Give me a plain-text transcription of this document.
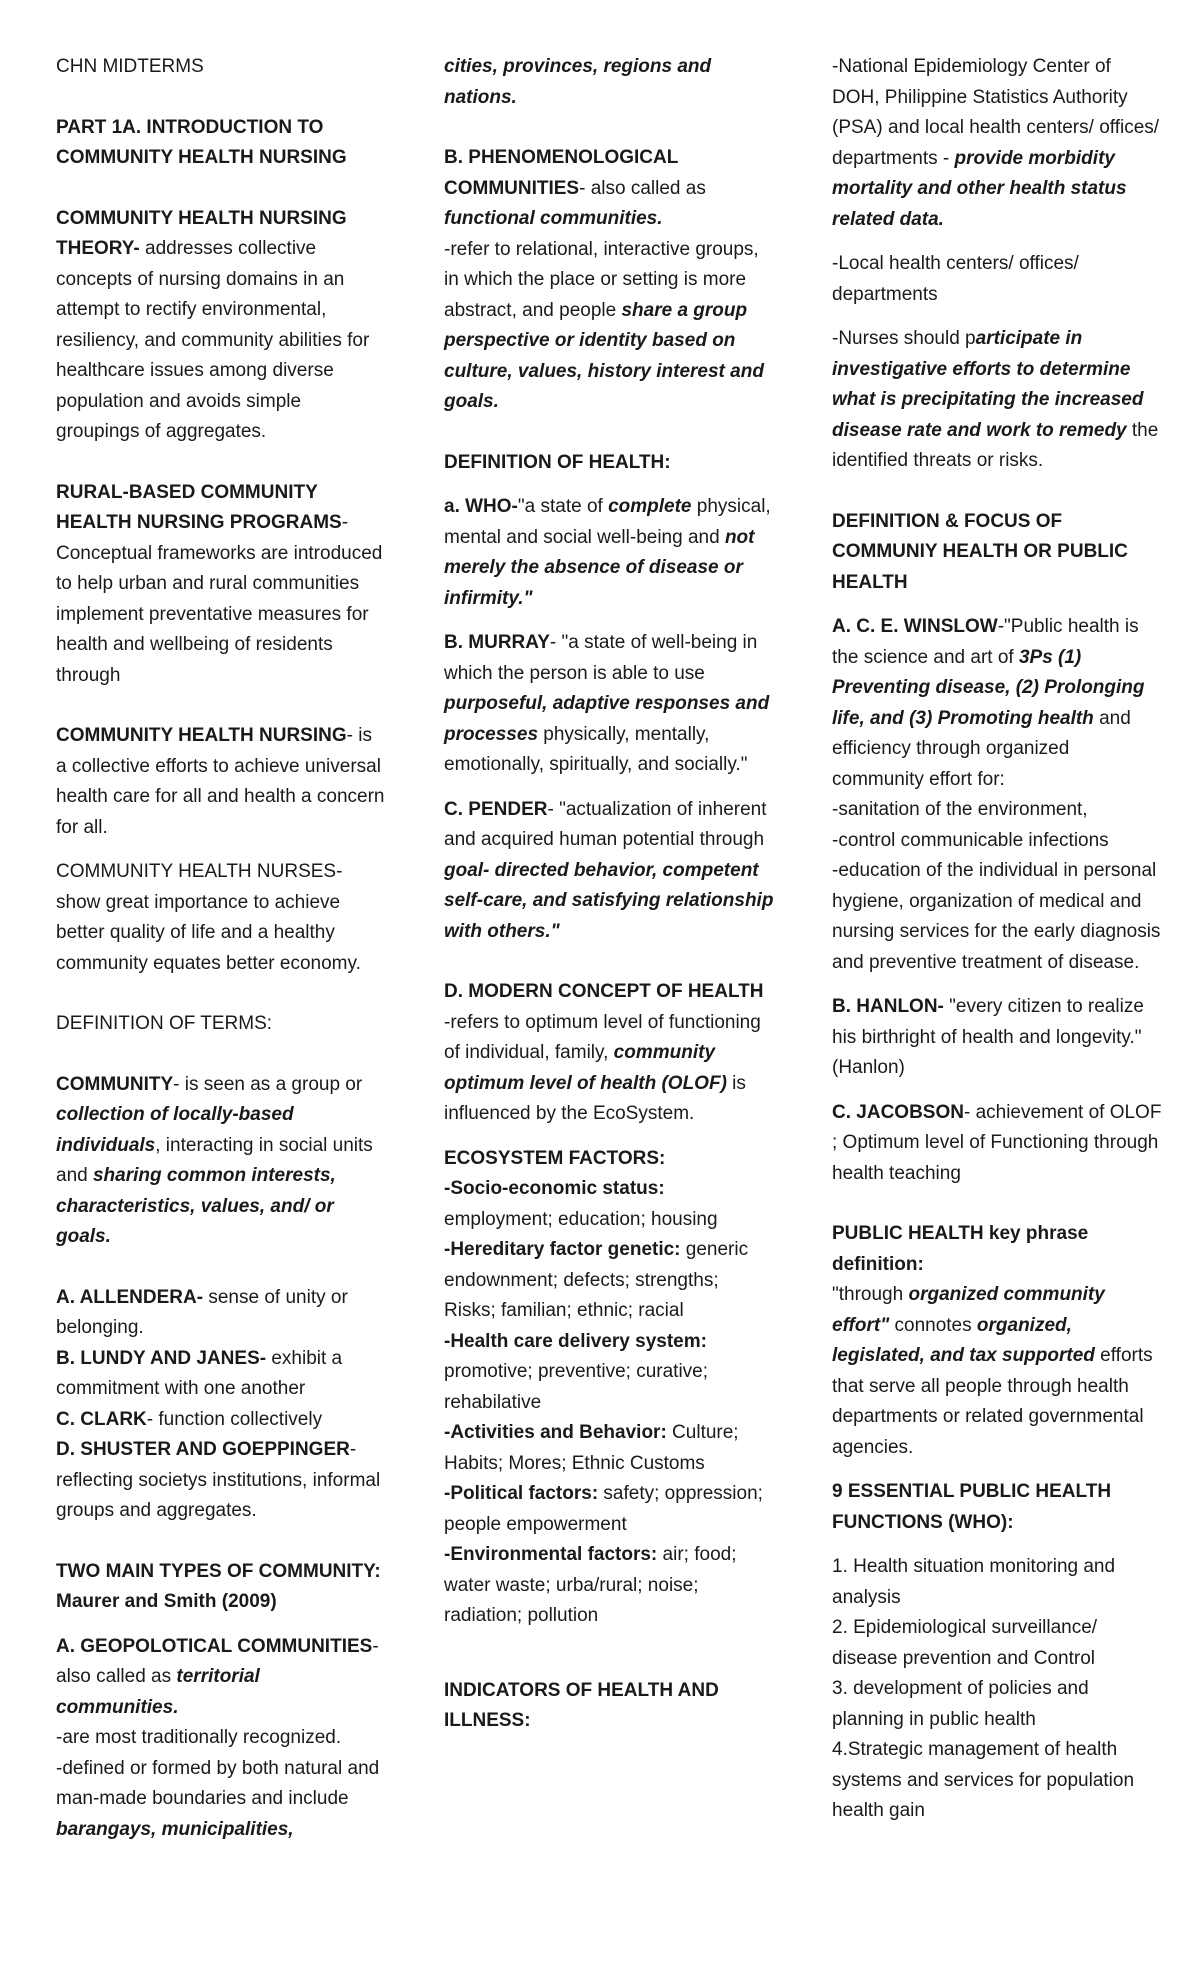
CHN MIDTERMS

PART 1A. INTRODUCTION TO
COMMUNITY HEALTH NURSING

COMMUNITY HEALTH NURSING THEORY- addresses collective concepts of nursing domains in an attempt to rectify environmental, resiliency, and community abilities for healthcare issues among diverse population and avoids simple groupings of aggregates.

RURAL-BASED COMMUNITY HEALTH NURSING PROGRAMS- Conceptual frameworks are introduced to help urban and rural communities implement preventative measures for health and wellbeing of residents through

COMMUNITY HEALTH NURSING- is a collective efforts to achieve universal health care for all and health a concern for all.

COMMUNITY HEALTH NURSES- show great importance to achieve better quality of life and a healthy community equates better economy.

DEFINITION OF TERMS:

COMMUNITY- is seen as a group or collection of locally-based individuals, interacting in social units and sharing common interests, characteristics, values, and/ or goals.

A. ALLENDERA- sense of unity or belonging.

B. LUNDY AND JANES- exhibit a commitment with one another

C. CLARK- function collectively

D. SHUSTER AND GOEPPINGER- reflecting societys institutions, informal groups and aggregates.

TWO MAIN TYPES OF COMMUNITY: Maurer and Smith (2009)

A. GEOPOLOTICAL COMMUNITIES- also called as territorial communities.
-are most traditionally recognized.
-defined or formed by both natural and man-made boundaries and include barangays, municipalities,

cities, provinces, regions and nations.

B. PHENOMENOLOGICAL COMMUNITIES- also called as functional communities.
-refer to relational, interactive groups, in which the place or setting is more abstract, and people share a group perspective or identity based on culture, values, history interest and goals.

DEFINITION OF HEALTH:

a. WHO-"a state of complete physical, mental and social well-being and not merely the absence of disease or infirmity."

B. MURRAY- "a state of well-being in which the person is able to use purposeful, adaptive responses and processes physically, mentally, emotionally, spiritually, and socially."

C. PENDER- "actualization of inherent and acquired human potential through goal- directed behavior, competent self-care, and satisfying relationship with others."

D. MODERN CONCEPT OF HEALTH
-refers to optimum level of functioning of individual, family, community optimum level of health (OLOF) is influenced by the EcoSystem.

ECOSYSTEM FACTORS:

-Socio-economic status: employment; education; housing

-Hereditary factor genetic: generic endownment; defects; strengths; Risks; familian; ethnic; racial

-Health care delivery system: promotive; preventive; curative; rehabilative

-Activities and Behavior: Culture; Habits; Mores; Ethnic Customs

-Political factors: safety; oppression; people empowerment

-Environmental factors: air; food; water waste; urba/rural; noise; radiation; pollution

INDICATORS OF HEALTH AND ILLNESS:

-National Epidemiology Center of DOH, Philippine Statistics Authority (PSA) and local health centers/ offices/ departments - provide morbidity mortality and other health status related data.

-Local health centers/ offices/ departments

-Nurses should participate in investigative efforts to determine what is precipitating the increased disease rate and work to remedy the identified threats or risks.

DEFINITION & FOCUS OF COMMUNIY HEALTH OR PUBLIC HEALTH

A. C. E. WINSLOW-"Public health is the science and art of 3Ps (1) Preventing disease, (2) Prolonging life, and (3) Promoting health and efficiency through organized community effort for:
-sanitation of the environment,
-control communicable infections
-education of the individual in personal hygiene, organization of medical and nursing services for the early diagnosis and preventive treatment of disease.

B. HANLON- "every citizen to realize his birthright of health and longevity." (Hanlon)

C. JACOBSON- achievement of OLOF ; Optimum level of Functioning through health teaching

PUBLIC HEALTH key phrase definition:
"through organized community effort" connotes organized, legislated, and tax supported efforts that serve all people through health departments or related governmental agencies.

9 ESSENTIAL PUBLIC HEALTH FUNCTIONS (WHO):

1. Health situation monitoring and analysis

2. Epidemiological surveillance/ disease prevention and Control

3. development of policies and planning in public health

4.Strategic management of health systems and services for population health gain
